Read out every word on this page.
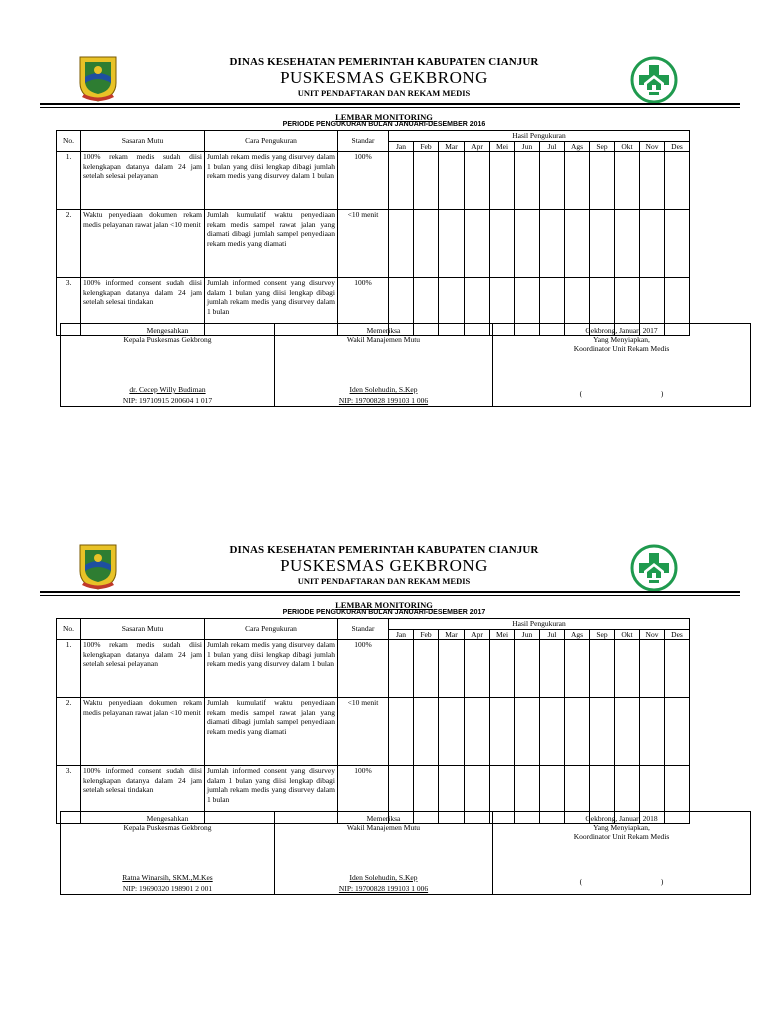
DINAS KESEHATAN PEMERINTAH KABUPATEN CIANJUR
PUSKESMAS GEKBRONG
UNIT PENDAFTARAN DAN REKAM MEDIS
LEMBAR MONITORING
PERIODE PENGUKURAN BULAN JANUARI-DESEMBER 2016
No.	Sasaran Mutu	Cara Pengukuran	Standar	Hasil Pengukuran											
				Jan	Feb	Mar	Apr	Mei	Jun	Jul	Ags	Sep	Okt	Nov	Des
1.	100% rekam medis sudah diisi kelengkapan datanya dalam 24 jam setelah selesai pelayanan	Jumlah rekam medis yang disurvey dalam 1 bulan yang diisi lengkap dibagi jumlah rekam medis yang disurvey dalam 1 bulan	100%												
2.	Waktu penyediaan dokumen rekam medis pelayanan rawat jalan <10 menit	Jumlah kumulatif waktu penyediaan rekam medis sampel rawat jalan yang diamati dibagi jumlah sampel penyediaan rekam medis yang diamati	<10 menit												
3.	100% informed consent sudah diisi kelengkapan datanya dalam 24 jam setelah selesai tindakan	Jumlah informed consent yang disurvey dalam 1 bulan yang diisi lengkap dibagi jumlah rekam medis yang disurvey dalam 1 bulan	100%												
Mengesahkan
Kepala Puskesmas Gekbrong
dr. Cecep Willy Budiman
NIP: 19710915 200604 1 017

Memeriksa
Wakil Manajemen Mutu
Iden Solehudin, S.Kep
NIP: 19700828 199103 1 006

Gekbrong, Januari 2017
Yang Menyiapkan,
Koordinator Unit Rekam Medis
(                                          )
DINAS KESEHATAN PEMERINTAH KABUPATEN CIANJUR
PUSKESMAS GEKBRONG
UNIT PENDAFTARAN DAN REKAM MEDIS
LEMBAR MONITORING
PERIODE PENGUKURAN BULAN JANUARI-DESEMBER 2017
No.	Sasaran Mutu	Cara Pengukuran	Standar	Hasil Pengukuran											
				Jan	Feb	Mar	Apr	Mei	Jun	Jul	Ags	Sep	Okt	Nov	Des
1.	100% rekam medis sudah diisi kelengkapan datanya dalam 24 jam setelah selesai pelayanan	Jumlah rekam medis yang disurvey dalam 1 bulan yang diisi lengkap dibagi jumlah rekam medis yang disurvey dalam 1 bulan	100%												
2.	Waktu penyediaan dokumen rekam medis pelayanan rawat jalan <10 menit	Jumlah kumulatif waktu penyediaan rekam medis sampel rawat jalan yang diamati dibagi jumlah sampel penyediaan rekam medis yang diamati	<10 menit												
3.	100% informed consent sudah diisi kelengkapan datanya dalam 24 jam setelah selesai tindakan	Jumlah informed consent yang disurvey dalam 1 bulan yang diisi lengkap dibagi jumlah rekam medis yang disurvey dalam 1 bulan	100%												
Mengesahkan
Kepala Puskesmas Gekbrong
Ratna Winarsih, SKM.,M.Kes
NIP: 19690320 198901 2 001

Memeriksa
Wakil Manajemen Mutu
Iden Solehudin, S.Kep
NIP: 19700828 199103 1 006

Gekbrong, Januari 2018
Yang Menyiapkan,
Koordinator Unit Rekam Medis
(                                          )
